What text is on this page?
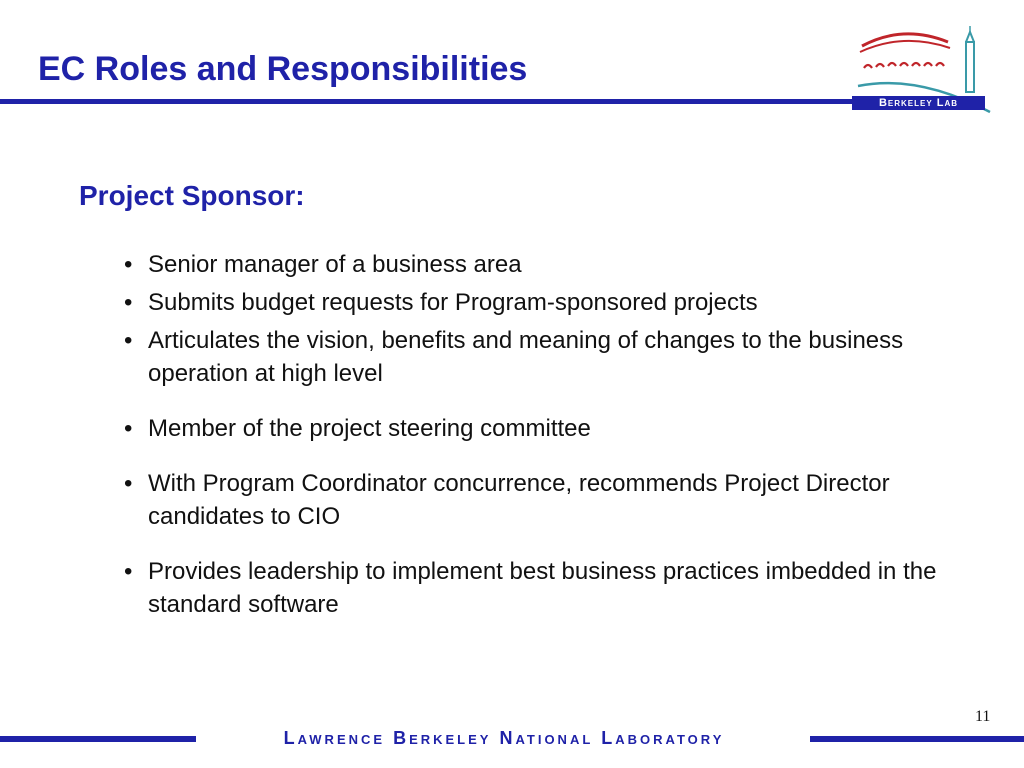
EC Roles and Responsibilities
Berkeley Lab
Project Sponsor:
• Senior manager of a business area
• Submits budget requests for Program-sponsored projects
• Articulates the vision, benefits and meaning of changes to the business operation at high level
• Member of the project steering committee
• With Program Coordinator concurrence, recommends Project Director candidates to CIO
• Provides leadership to implement best business practices imbedded in the standard software
11
Lawrence Berkeley National Laboratory
